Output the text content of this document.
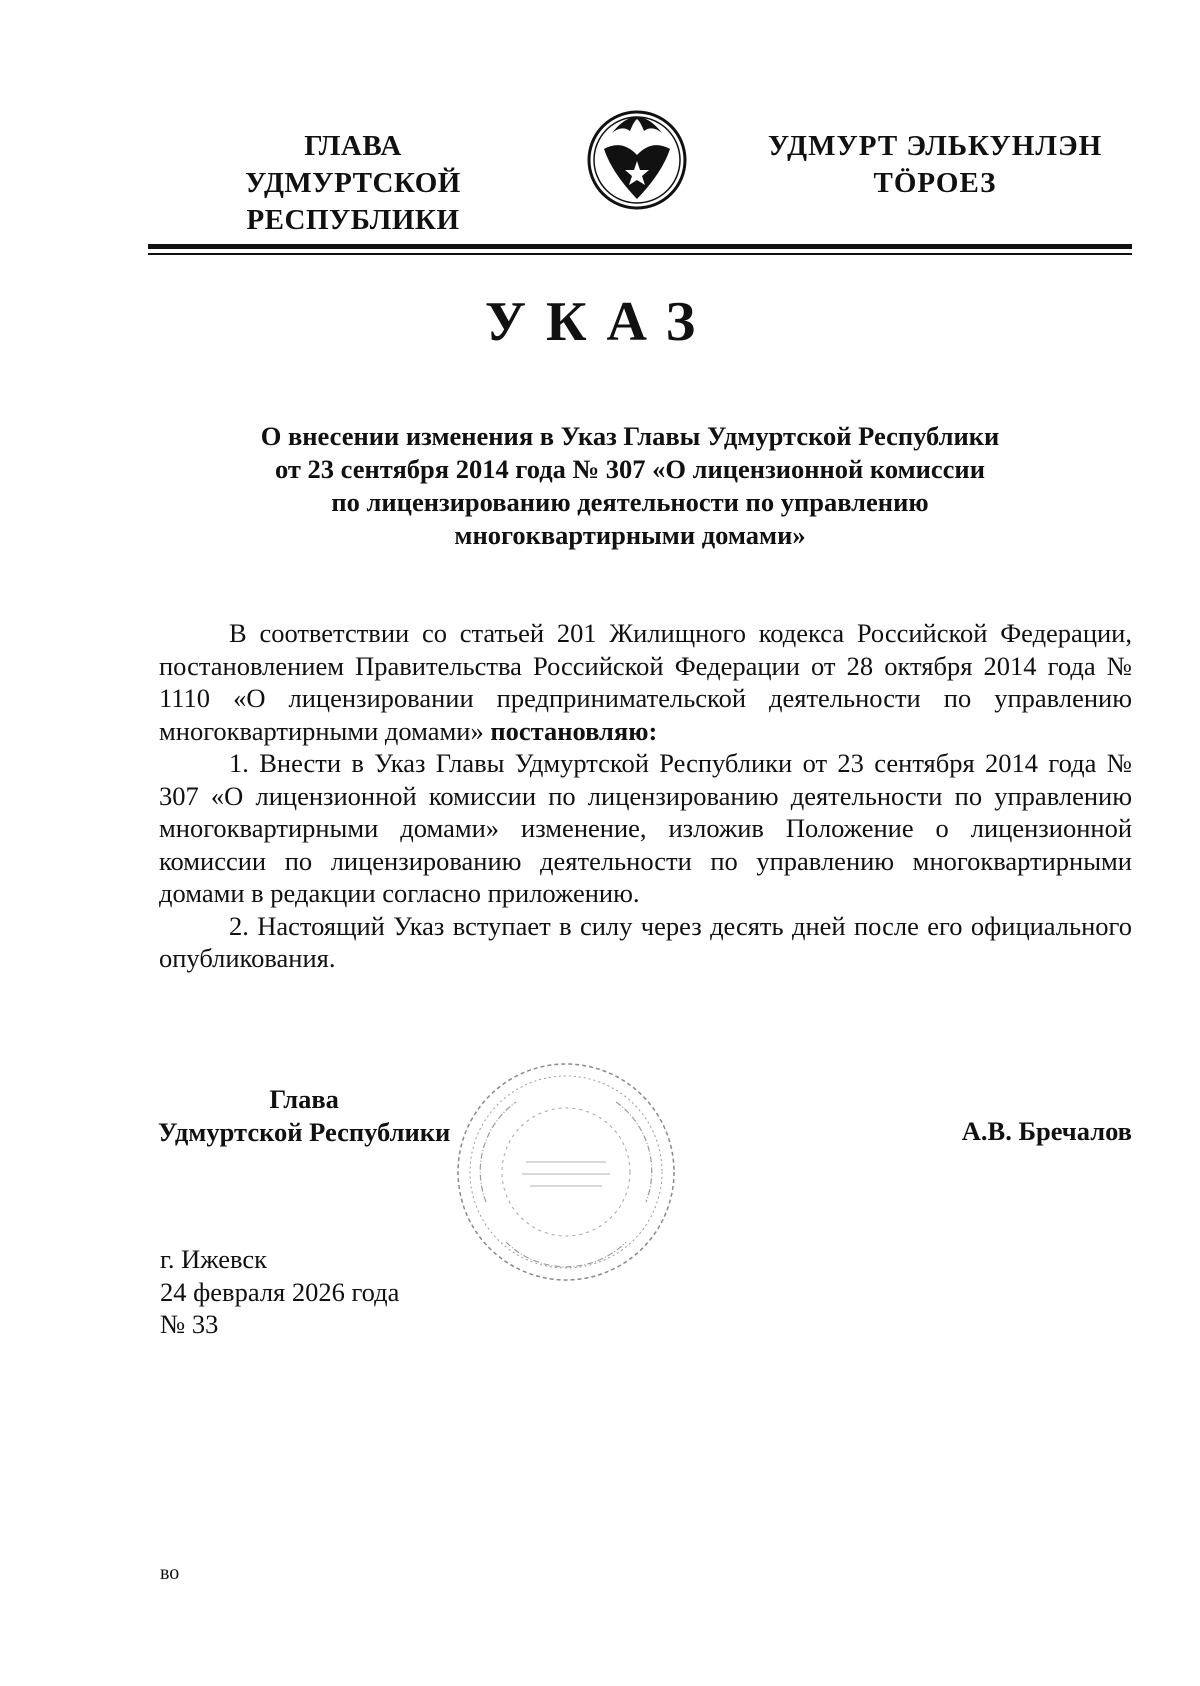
ГЛАВА
УДМУРТСКОЙ РЕСПУБЛИКИ
УДМУРТ ЭЛЬКУНЛЭН
ТӦРОЕЗ
УКАЗ
О внесении изменения в Указ Главы Удмуртской Республики
от 23 сентября 2014 года № 307 «О лицензионной комиссии
по лицензированию деятельности по управлению
многоквартирными домами»

В соответствии со статьей 201 Жилищного кодекса Российской Федерации, постановлением Правительства Российской Федерации от 28 октября 2014 года № 1110 «О лицензировании предпринимательской деятельности по управлению многоквартирными домами» постановляю:

1. Внести в Указ Главы Удмуртской Республики от 23 сентября 2014 года № 307 «О лицензионной комиссии по лицензированию деятельности по управлению многоквартирными домами» изменение, изложив Положение о лицензионной комиссии по лицензированию деятельности по управлению многоквартирными домами в редакции согласно приложению.

2. Настоящий Указ вступает в силу через десять дней после его официального опубликования.

Глава
Удмуртской Республики	А.В. Бречалов
г. Ижевск
24 февраля 2026 года
№ 33
во
